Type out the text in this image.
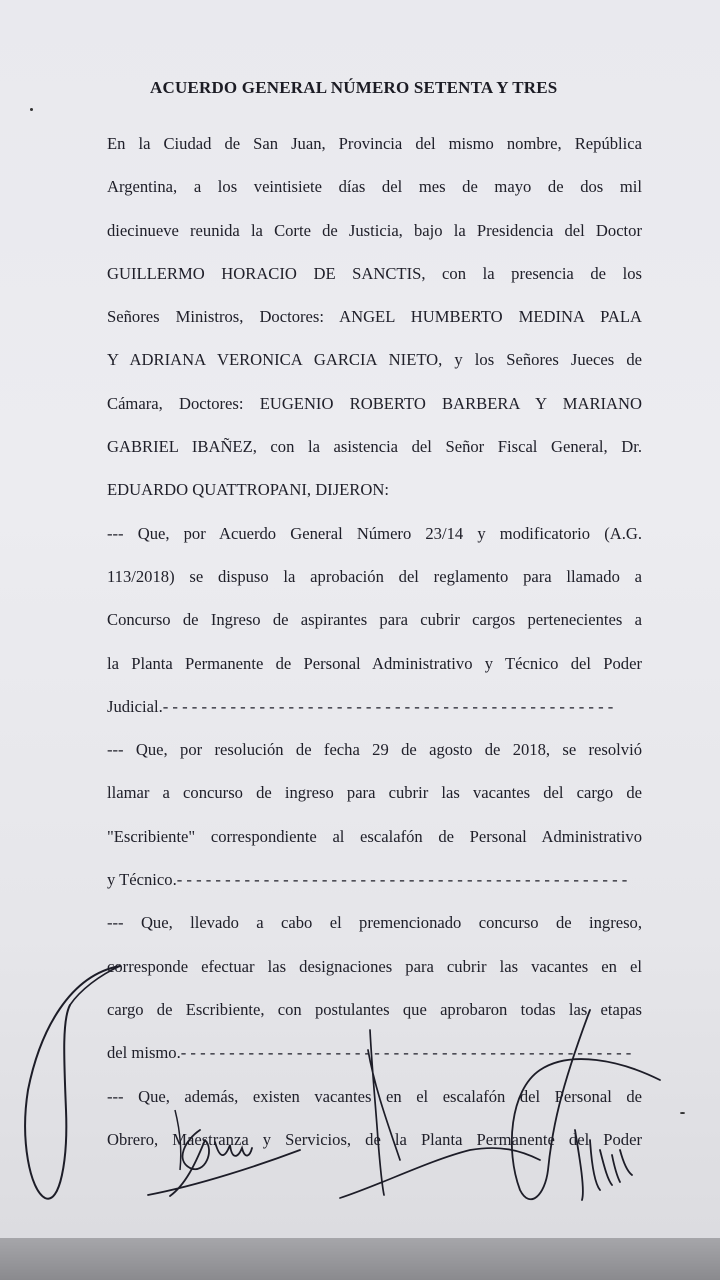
ACUERDO GENERAL NÚMERO SETENTA Y TRES
En la Ciudad de San Juan, Provincia del mismo nombre, República
Argentina, a los veintisiete días del mes de mayo de dos mil
diecinueve reunida la Corte de Justicia, bajo la Presidencia del Doctor
GUILLERMO HORACIO DE SANCTIS, con la presencia de los
Señores Ministros, Doctores: ANGEL HUMBERTO MEDINA PALA
Y ADRIANA VERONICA GARCIA NIETO, y los Señores Jueces de
Cámara, Doctores: EUGENIO ROBERTO BARBERA Y MARIANO
GABRIEL IBAÑEZ, con la asistencia del Señor Fiscal General, Dr.
EDUARDO QUATTROPANI, DIJERON:
--- Que, por Acuerdo General Número 23/14 y modificatorio (A.G.
113/2018) se dispuso la aprobación del reglamento para llamado a
Concurso de Ingreso de aspirantes para cubrir cargos pertenecientes a
la Planta Permanente de Personal Administrativo y Técnico del Poder
Judicial.- - - - - - - - - - - - - - - - - - - - - - - - - - - - - - - - - - - - - - - - - - - - - - -
--- Que, por resolución de fecha 29 de agosto de 2018, se resolvió
llamar a concurso de ingreso para cubrir las vacantes del cargo de
"Escribiente" correspondiente al escalafón de Personal Administrativo
y Técnico.- - - - - - - - - - - - - - - - - - - - - - - - - - - - - - - - - - - - - - - - - - - - - - -
--- Que, llevado a cabo el premencionado concurso de ingreso,
corresponde efectuar las designaciones para cubrir las vacantes en el
cargo de Escribiente, con postulantes que aprobaron todas las etapas
del mismo.- - - - - - - - - - - - - - - - - - - - - - - - - - - - - - - - - - - - - - - - - - - - - - -
--- Que, además, existen vacantes en el escalafón del Personal de
Obrero, Maestranza y Servicios, de la Planta Permanente del Poder
